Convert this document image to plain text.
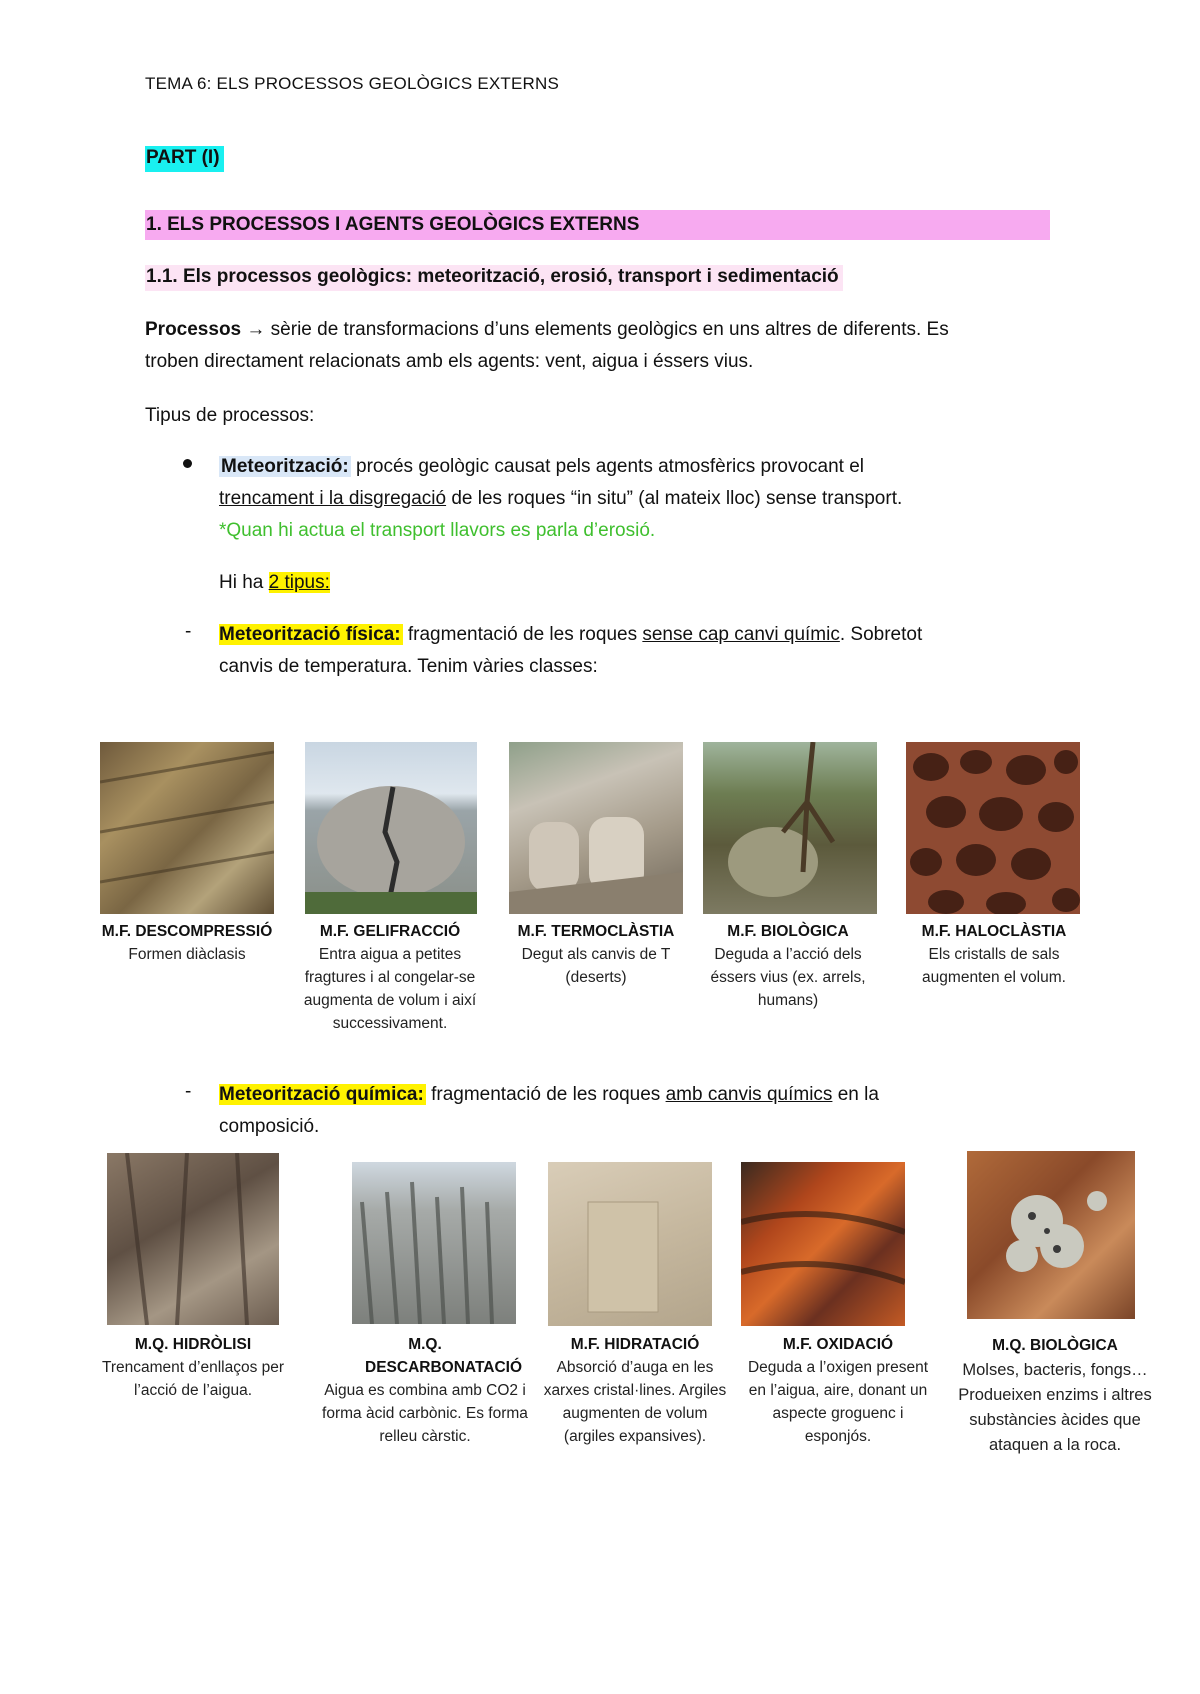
TEMA 6: ELS PROCESSOS GEOLÒGICS EXTERNS
PART (I)
1. ELS PROCESSOS I AGENTS GEOLÒGICS EXTERNS
1.1. Els processos geològics: meteorització, erosió, transport i sedimentació
Processos → sèrie de transformacions d’uns elements geològics en uns altres de diferents. Es
troben directament relacionats amb els agents: vent, aigua i éssers vius.
Tipus de processos:
Meteorització: procés geològic causat pels agents atmosfèrics provocant el
trencament i la disgregació de les roques “in situ” (al mateix lloc) sense transport.
*Quan hi actua el transport llavors es parla d’erosió.
Hi ha 2 tipus:
- Meteorització física: fragmentació de les roques sense cap canvi químic. Sobretot
canvis de temperatura. Tenim vàries classes:
M.F. DESCOMPRESSIÓ
Formen diàclasis
M.F. GELIFRACCIÓ
Entra aigua a petites fragtures i al congelar-se augmenta de volum i així successivament.
M.F. TERMOCLÀSTIA
Degut als canvis de T (deserts)
M.F. BIOLÒGICA
Deguda a l’acció dels éssers vius (ex. arrels, humans)
M.F. HALOCLÀSTIA
Els cristalls de sals augmenten el volum.
- Meteorització química: fragmentació de les roques amb canvis químics en la
composició.
M.Q. HIDRÒLISI
Trencament d’enllaços per l’acció de l’aigua.
M.Q. DESCARBONATACIÓ
Aigua es combina amb CO2 i forma àcid carbònic. Es forma relleu càrstic.
M.F. HIDRATACIÓ
Absorció d’auga en les xarxes cristal·lines. Argiles augmenten de volum (argiles expansives).
M.F. OXIDACIÓ
Deguda a l’oxigen present en l’aigua, aire, donant un aspecte groguenc i esponjós.
M.Q. BIOLÒGICA
Molses, bacteris, fongs… Produeixen enzims i altres substàncies àcides que ataquen a la roca.
